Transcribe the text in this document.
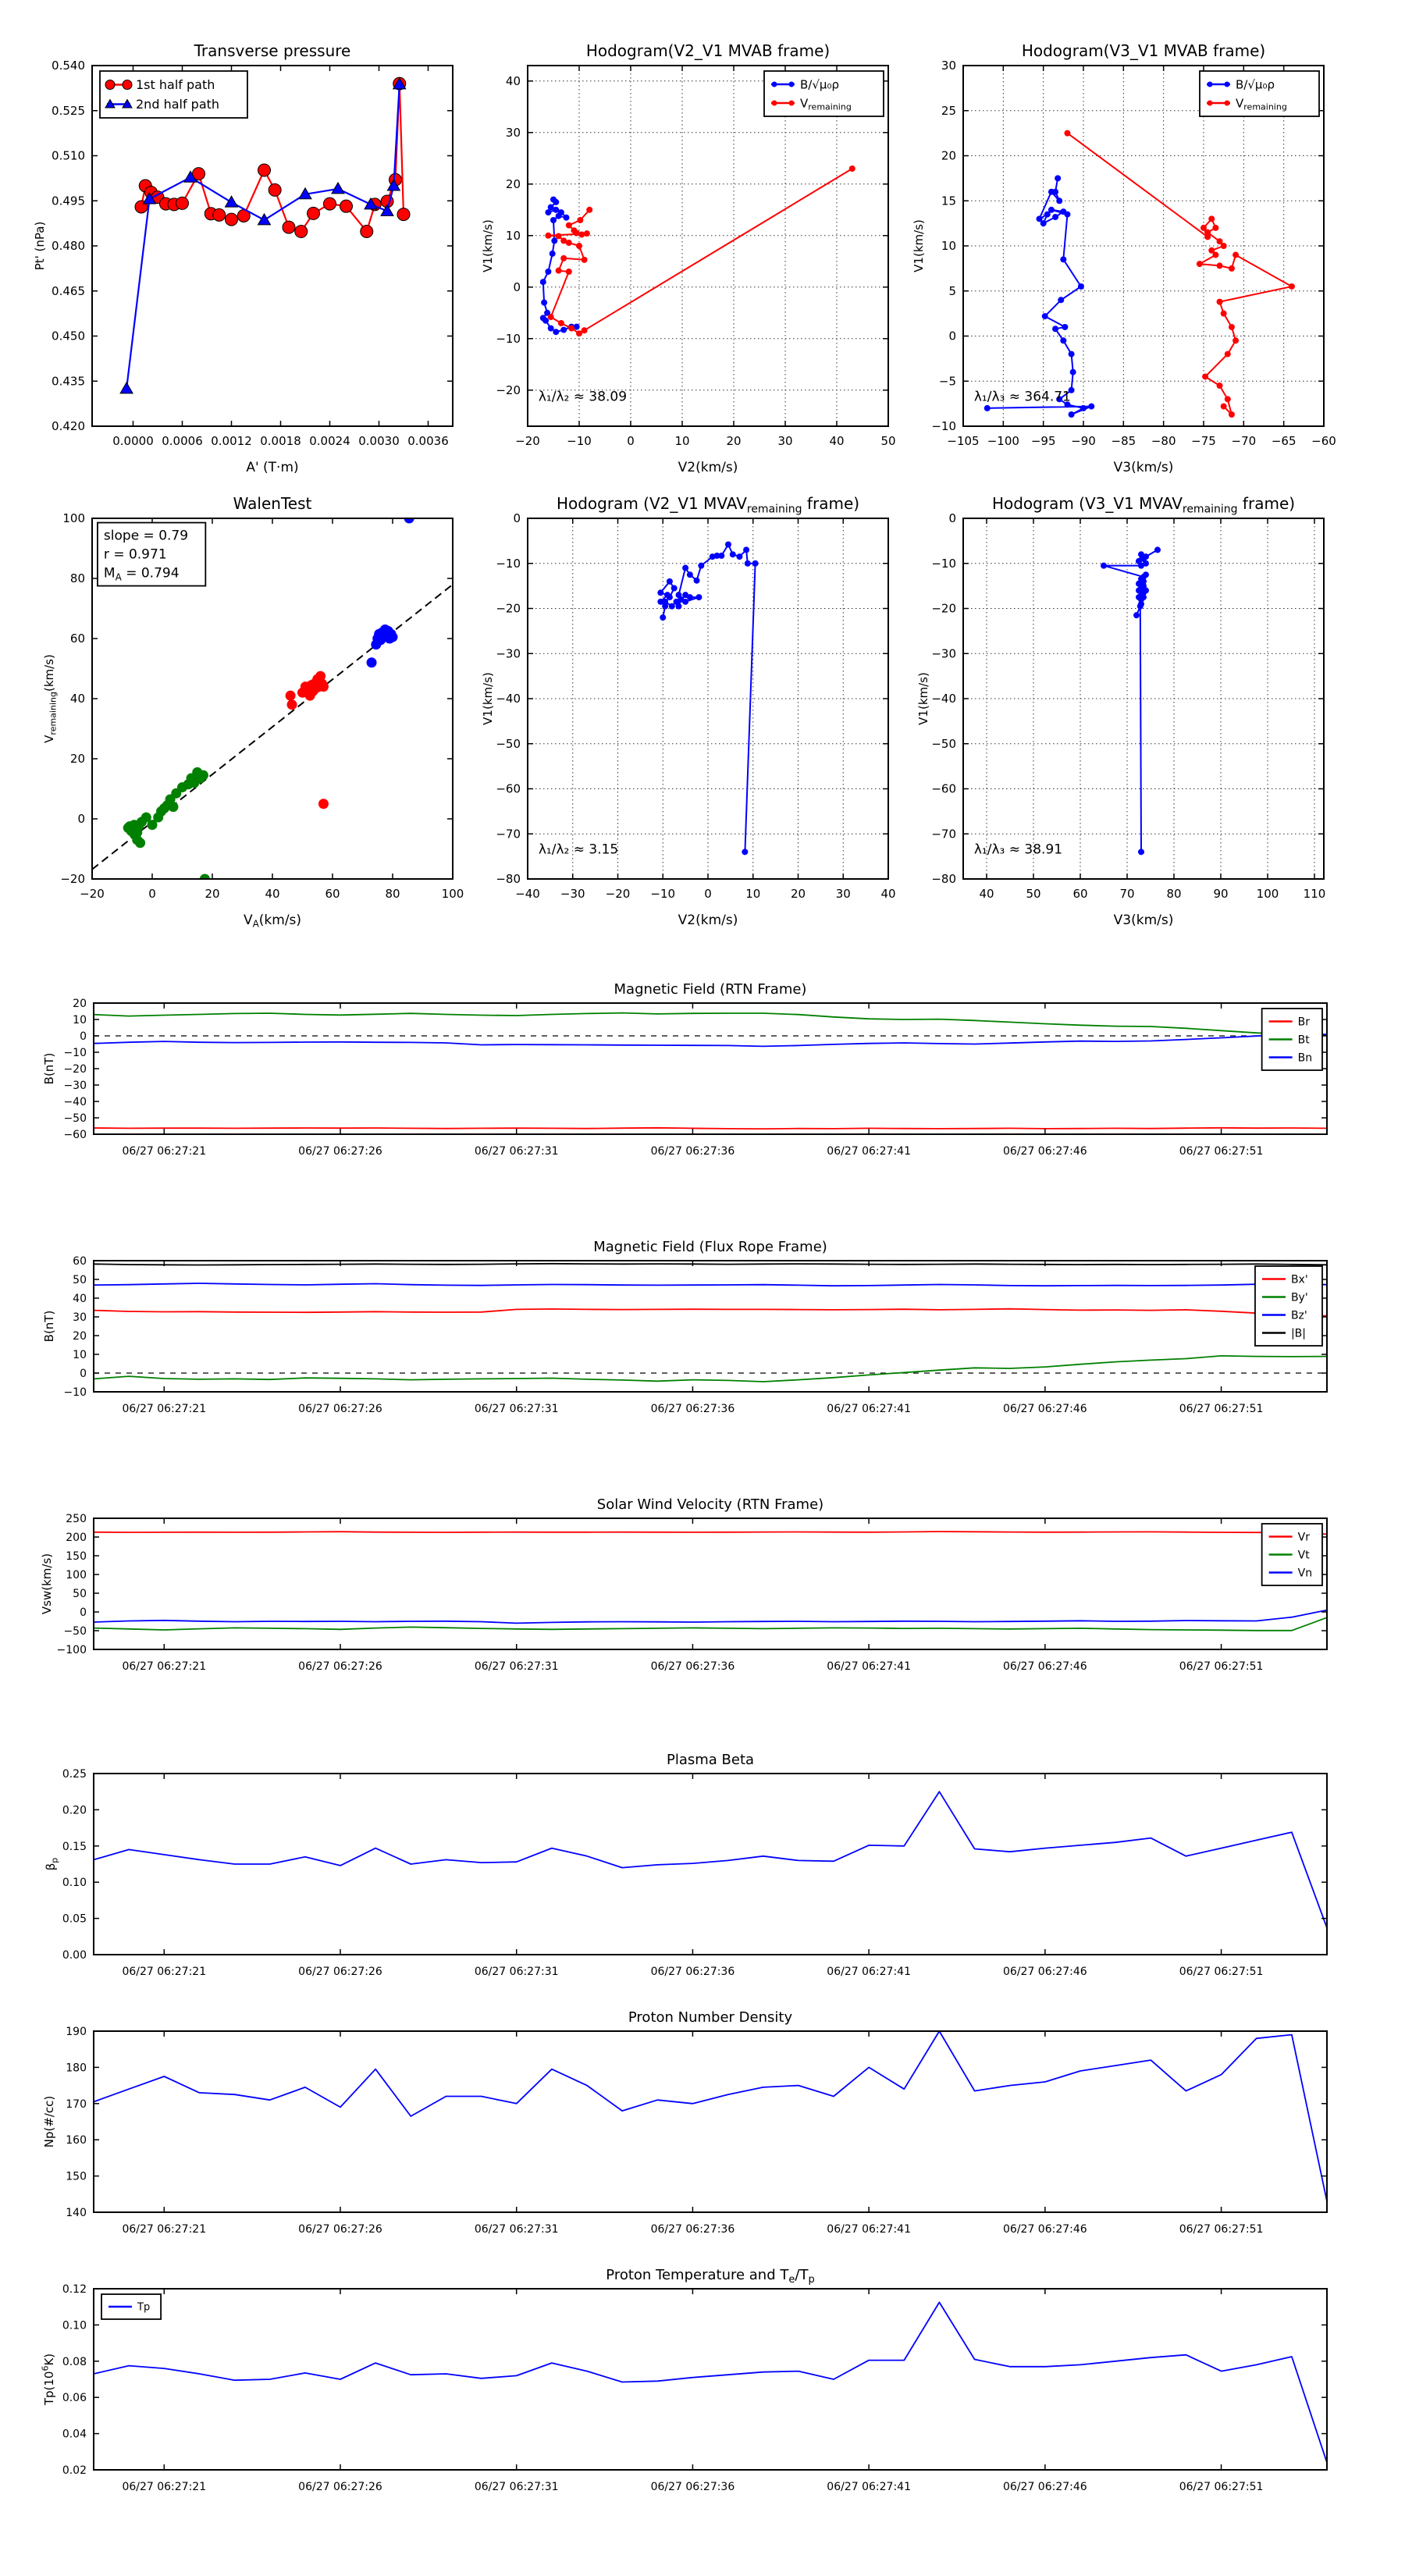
0.0000 0.0006 0.0012 0.0018 0.0024 0.0030 0.0036
0.420
0.435
0.450
0.465
0.480
0.495
0.510
0.525
0.540
Transverse pressure
A' (T·m)
Pt' (nPa)
1st half path
2nd half path
−20 −10	0	10	20	30	40	50
−20
−10
0
10
20
30
40
Hodogram(V2_V1 MVAB frame)
V2(km/s)
V1(km/s)
B/√μ₀ρ
$V_{remaining}$
λ₁/λ₂ ≈ 38.09
−105 −100 −95 −90 −85 −80 −75 −70 −65 −60
−10
−5
0
5
10
15
20
25
30
Hodogram(V3_V1 MVAB frame)
V3(km/s)
V1(km/s)
B/√μ₀ρ
$V_{remaining}$
λ₁/λ₃ ≈ 364.71
−20	0	20	40	60	80	100
−20
0
20
40
60
80
100
WalenTest
$V_A(km/s)$
$V_{remaining}(km/s)$
slope = 0.79
r = 0.971
$M_A = 0.794$
−40 −30 −20 −10 0	10	20	30	40
−80
−70
−60
−50
−40
−30
−20
−10
0
Hodogram (V2_V1 $MVAV_{remaining}$ frame)
V2(km/s)
V1(km/s)
λ₁/λ₂ ≈ 3.15
40	50	60	70	80	90 100 110
−80
−70
−60
−50
−40
−30
−20
−10
0
Hodogram (V3_V1 $MVAV_{remaining}$ frame)
V3(km/s)
V1(km/s)
λ₁/λ₃ ≈ 38.91
06/27 06:27:21	06/27 06:27:26	06/27 06:27:31	06/27 06:27:36	06/27 06:27:41	06/27 06:27:46	06/27 06:27:51
20
10
0
−10
−20
−30
−40
−50
−60
Magnetic Field (RTN Frame)
B(nT)
Br
Bt
Bn
06/27 06:27:21	06/27 06:27:26	06/27 06:27:31	06/27 06:27:36	06/27 06:27:41	06/27 06:27:46	06/27 06:27:51
60
50
40
30
20
10
0
−10
Magnetic Field (Flux Rope Frame)
B(nT)
Bx'
By'
Bz'
|B|
06/27 06:27:21	06/27 06:27:26	06/27 06:27:31	06/27 06:27:36	06/27 06:27:41	06/27 06:27:46	06/27 06:27:51
250
200
150
100
50
0
−50
−100
Solar Wind Velocity (RTN Frame)
Vsw(km/s)
Vr
Vt
Vn
06/27 06:27:21	06/27 06:27:26	06/27 06:27:31	06/27 06:27:36	06/27 06:27:41	06/27 06:27:46	06/27 06:27:51
0.25
0.20
0.15
0.10
0.05
0.00
Plasma Beta
$\beta_p$
06/27 06:27:21	06/27 06:27:26	06/27 06:27:31	06/27 06:27:36	06/27 06:27:41	06/27 06:27:46	06/27 06:27:51
190
180
170
160
150
140
Proton Number Density
Np(#/cc)
06/27 06:27:21	06/27 06:27:26	06/27 06:27:31	06/27 06:27:36	06/27 06:27:41	06/27 06:27:46	06/27 06:27:51
0.12
0.10
0.08
0.06
0.04
0.02
Proton Temperature and $T_e/T_p$
$Tp(10^6K)$
Tp
